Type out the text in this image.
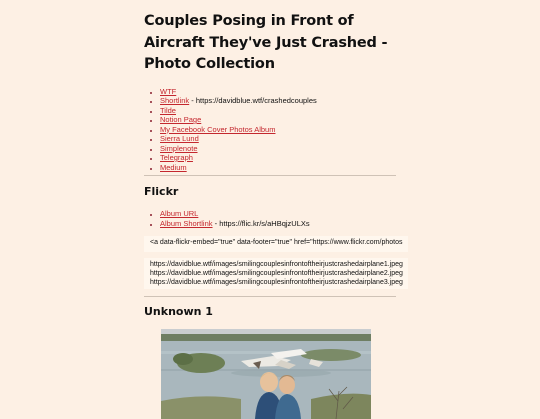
Couples Posing in Front of Aircraft They've Just Crashed - Photo Collection
• WTF
• Shortlink - https://davidblue.wtf/crashedcouples
• Tilde
• Notion Page
• My Facebook Cover Photos Album
• Sierra Lund
• Simplenote
• Telegraph
• Medium
Flickr
• Album URL
• Album Shortlink - https://flic.kr/s/aHBqjzULXs
<a data-flickr-embed="true" data-footer="true" href="https://www.flickr.com/photos
https://davidblue.wtf/images/smilingcouplesinfrontoftheirjustcrashedairplane1.jpeg
https://davidblue.wtf/images/smilingcouplesinfrontoftheirjustcrashedairplane2.jpeg
https://davidblue.wtf/images/smilingcouplesinfrontoftheirjustcrashedairplane3.jpeg
Unknown 1
